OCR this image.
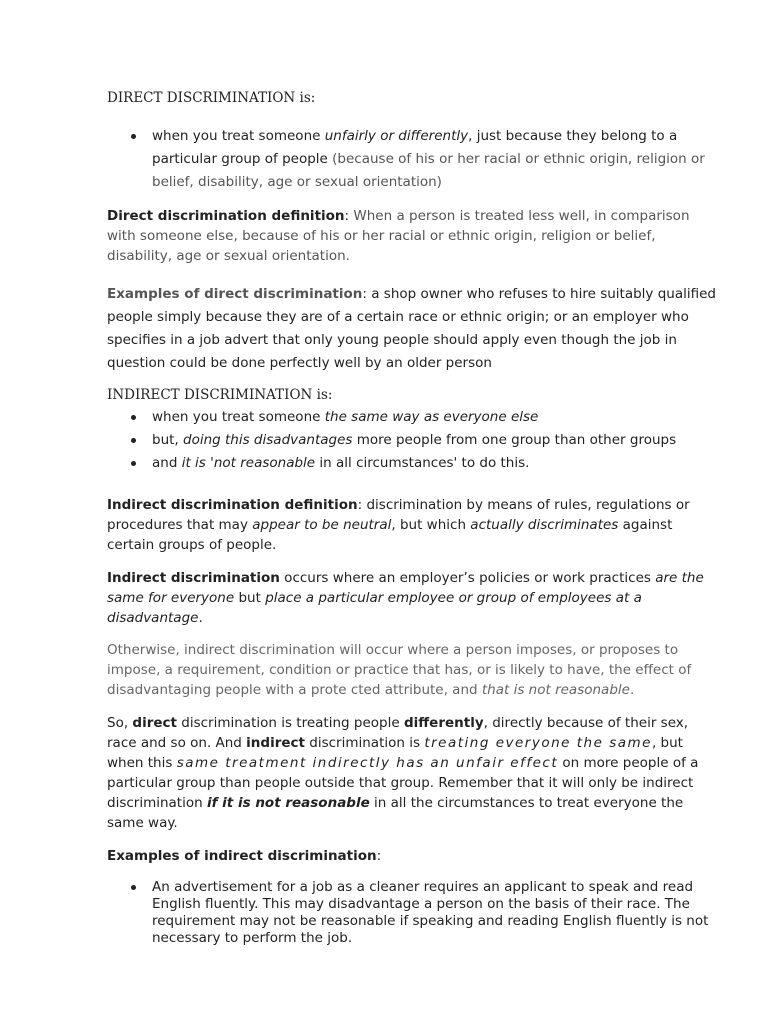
DIRECT DISCRIMINATION is:

when you treat someone unfairly or differently, just because they belong to a particular group of people (because of his or her racial or ethnic origin, religion or belief, disability, age or sexual orientation)

Direct discrimination definition: When a person is treated less well, in comparison with someone else, because of his or her racial or ethnic origin, religion or belief, disability, age or sexual orientation.

Examples of direct discrimination: a shop owner who refuses to hire suitably qualified people simply because they are of a certain race or ethnic origin; or an employer who specifies in a job advert that only young people should apply even though the job in question could be done perfectly well by an older person

INDIRECT DISCRIMINATION is:

when you treat someone the same way as everyone else
but, doing this disadvantages more people from one group than other groups
and it is 'not reasonable in all circumstances' to do this.

Indirect discrimination definition: discrimination by means of rules, regulations or procedures that may appear to be neutral, but which actually discriminates against certain groups of people.

Indirect discrimination occurs where an employer’s policies or work practices are the same for everyone but place a particular employee or group of employees at a disadvantage.

Otherwise, indirect discrimination will occur where a person imposes, or proposes to impose, a requirement, condition or practice that has, or is likely to have, the effect of disadvantaging people with a prote cted attribute, and that is not reasonable.

So, direct discrimination is treating people differently, directly because of their sex, race and so on. And indirect discrimination is treating everyone the same, but when this same treatment indirectly has an unfair effect on more people of a particular group than people outside that group. Remember that it will only be indirect discrimination if it is not reasonable in all the circumstances to treat everyone the same way.

Examples of indirect discrimination:

An advertisement for a job as a cleaner requires an applicant to speak and read English fluently. This may disadvantage a person on the basis of their race. The requirement may not be reasonable if speaking and reading English fluently is not necessary to perform the job.
